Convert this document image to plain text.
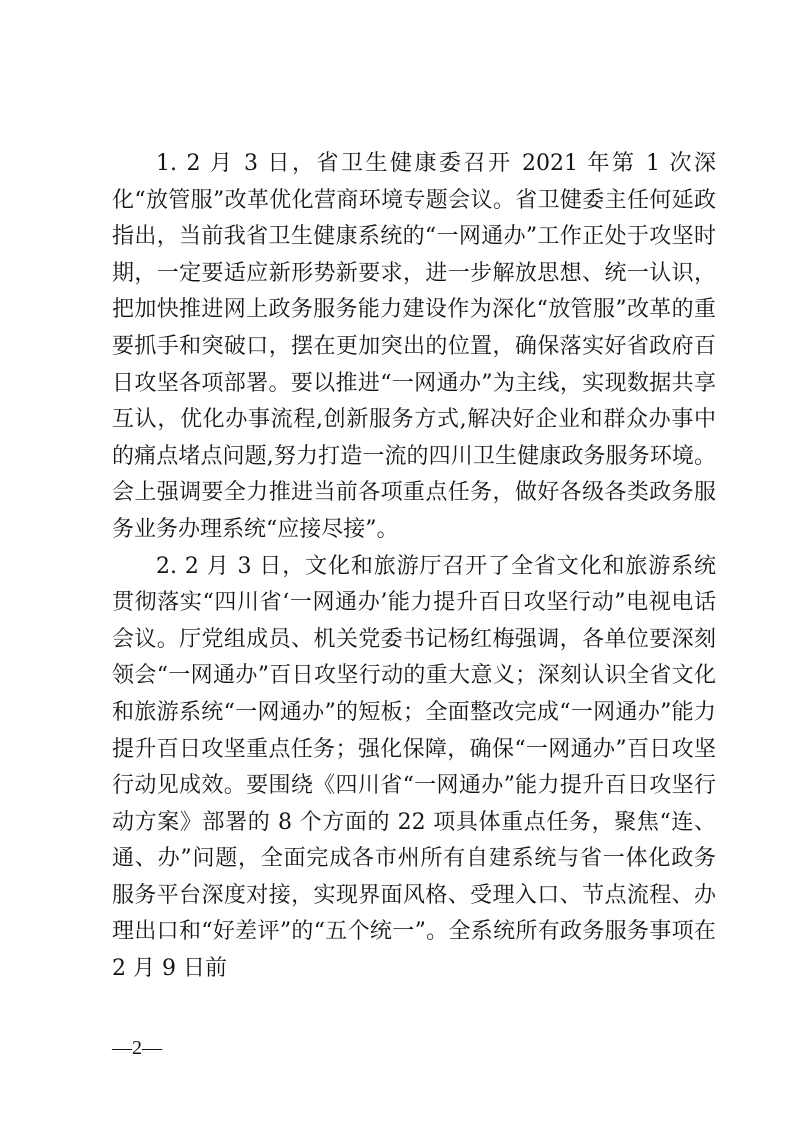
1. 2 月 3 日，省卫生健康委召开 2021 年第 1 次深化“放管服”改革优化营商环境专题会议。省卫健委主任何延政指出，当前我省卫生健康系统的“一网通办”工作正处于攻坚时期，一定要适应新形势新要求，进一步解放思想、统一认识，把加快推进网上政务服务能力建设作为深化“放管服”改革的重要抓手和突破口，摆在更加突出的位置，确保落实好省政府百日攻坚各项部署。要以推进“一网通办”为主线，实现数据共享互认，优化办事流程,创新服务方式,解决好企业和群众办事中的痛点堵点问题,努力打造一流的四川卫生健康政务服务环境。会上强调要全力推进当前各项重点任务，做好各级各类政务服务业务办理系统“应接尽接”。

2. 2 月 3 日，文化和旅游厅召开了全省文化和旅游系统贯彻落实“四川省‘一网通办’能力提升百日攻坚行动”电视电话会议。厅党组成员、机关党委书记杨红梅强调，各单位要深刻领会“一网通办”百日攻坚行动的重大意义；深刻认识全省文化和旅游系统“一网通办”的短板；全面整改完成“一网通办”能力提升百日攻坚重点任务；强化保障，确保“一网通办”百日攻坚行动见成效。要围绕《四川省“一网通办”能力提升百日攻坚行动方案》部署的 8 个方面的 22 项具体重点任务，聚焦“连、通、办”问题，全面完成各市州所有自建系统与省一体化政务服务平台深度对接，实现界面风格、受理入口、节点流程、办理出口和“好差评”的“五个统一”。全系统所有政务服务事项在 2 月 9 日前

—2—
